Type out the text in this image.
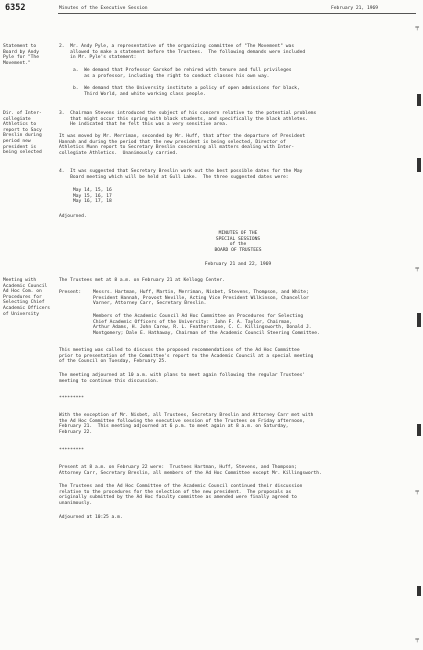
6352	Minutes of the Executive Session	February 21, 1969
Statement to
Board by Andy
Pyle for "The
Movement."
Dir. of Inter-
collegiate
Athletics to
report to Sacy
Breslin during
period new
president is
being selected
Meeting with
Academic Council
Ad Hoc Com. on
Procedures for
Selecting Chief
Academic Officers
of University
2.  Mr. Andy Pyle, a representative of the organizing committee of "The Movement" was
allowed to make a statement before the Trustees.  The following demands were included
in Mr. Pyle's statement:
a.  We demand that Professor Garskof be rehired with tenure and full privileges
as a professor, including the right to conduct classes his own way.
b.  We demand that the University institute a policy of open admissions for black,
Third World, and white working class people.
3.  Chairman Stevens introduced the subject of his concern relative to the potential problems
that might occur this spring with black students, and specifically the black athletes.
He indicated that he felt this was a very sensitive area.
It was moved by Mr. Merriman, seconded by Mr. Huff, that after the departure of President
Hannah and during the period that the new president is being selected, Director of
Athletics Munn report to Secretary Breslin concerning all matters dealing with Inter-
collegiate Athletics.  Unanimously carried.
4.  It was suggested that Secretary Breslin work out the best possible dates for the May
Board meeting which will be held at Gull Lake.  The three suggested dates were:
May 14, 15, 16
May 15, 16, 17
May 16, 17, 18
Adjourned.
MINUTES OF THE
SPECIAL SESSIONS
of the
BOARD OF TRUSTEES
February 21 and 22, 1969
The Trustees met at 8 a.m. on February 21 at Kellogg Center.
Present:	Messrs. Hartman, Huff, Martin, Merriman, Nisbet, Stevens, Thompson, and White;
President Hannah, Provost Neville, Acting Vice President Wilkinson, Chancellor
Varner, Attorney Carr, Secretary Breslin.
Members of the Academic Council Ad Hoc Committee on Procedures for Selecting
Chief Academic Officers of the University:  John F. A. Taylor, Chairman,
Arthur Adams, H. John Carew, R. L. Featherstone, C. C. Killingsworth, Donald J.
Montgomery; Dale E. Hathaway, Chairman of the Academic Council Steering Committee.
This meeting was called to discuss the proposed recommendations of the Ad Hoc Committee
prior to presentation of the Committee's report to the Academic Council at a special meeting
of the Council on Tuesday, February 25.
The meeting adjourned at 10 a.m. with plans to meet again following the regular Trustees'
meeting to continue this discussion.
*********
With the exception of Mr. Nisbet, all Trustees, Secretary Breslin and Attorney Carr met with
the Ad Hoc Committee following the executive session of the Trustees on Friday afternoon,
February 21.  This meeting adjourned at 6 p.m. to meet again at 8 a.m. on Saturday,
February 22.
*********
Present at 8 a.m. on February 22 were:  Trustees Hartman, Huff, Stevens, and Thompson;
Attorney Carr, Secretary Breslin, all members of the Ad Hoc Committee except Mr. Killingsworth.
The Trustees and the Ad Hoc Committee of the Academic Council continued their discussion
relative to the procedures for the selection of the new president.  The proposals as
originally submitted by the Ad Hoc faculty committee as amended were finally agreed to
unanimously.
Adjourned at 10:25 a.m.
╤
╤
╤
╤
